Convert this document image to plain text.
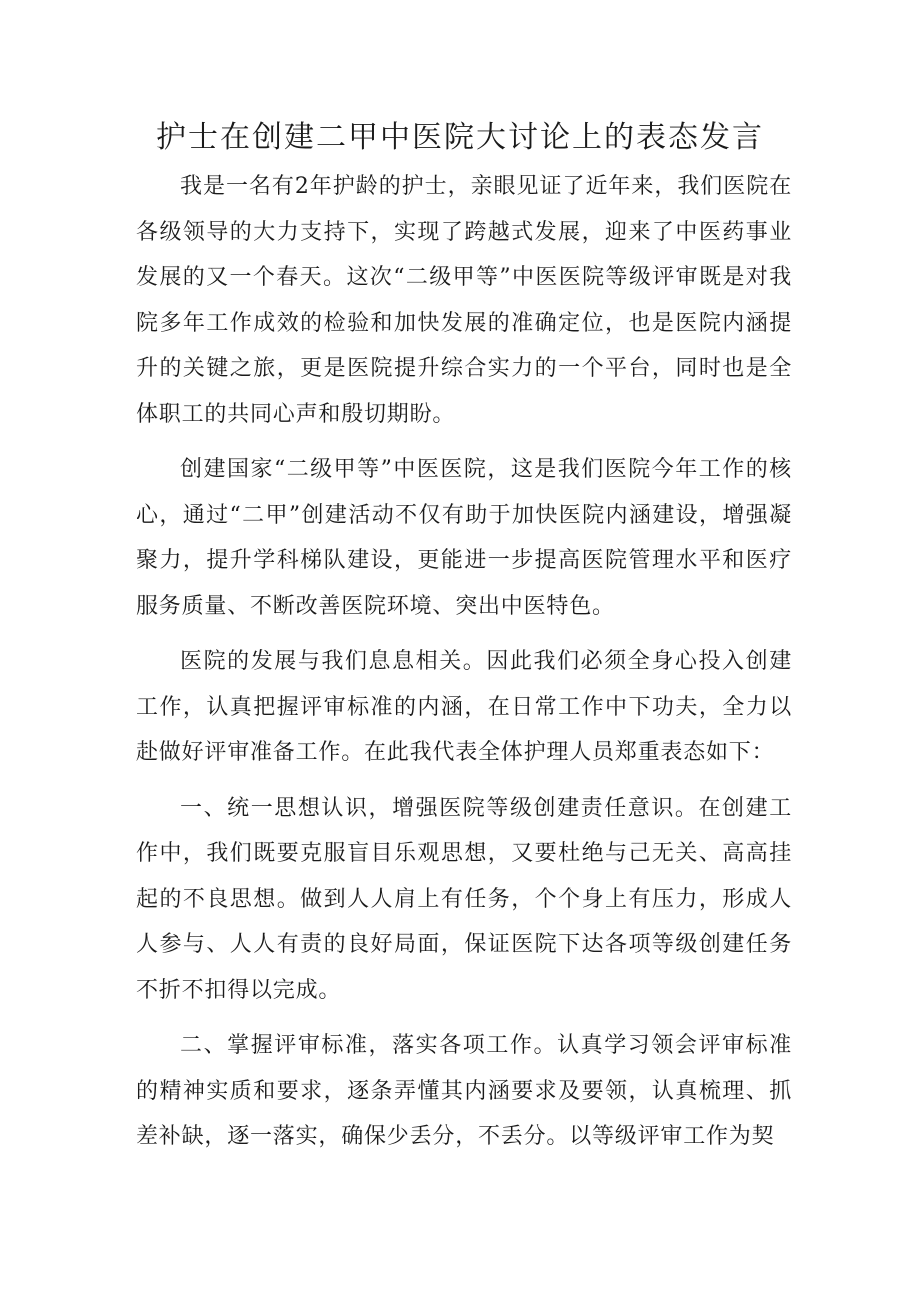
护士在创建二甲中医院大讨论上的表态发言

我是一名有2年护龄的护士，亲眼见证了近年来，我们医院在各级领导的大力支持下，实现了跨越式发展，迎来了中医药事业发展的又一个春天。这次“二级甲等”中医医院等级评审既是对我院多年工作成效的检验和加快发展的准确定位，也是医院内涵提升的关键之旅，更是医院提升综合实力的一个平台，同时也是全体职工的共同心声和殷切期盼。

创建国家“二级甲等”中医医院，这是我们医院今年工作的核心，通过“二甲”创建活动不仅有助于加快医院内涵建设，增强凝聚力，提升学科梯队建设，更能进一步提高医院管理水平和医疗服务质量、不断改善医院环境、突出中医特色。

医院的发展与我们息息相关。因此我们必须全身心投入创建工作，认真把握评审标准的内涵，在日常工作中下功夫，全力以赴做好评审准备工作。在此我代表全体护理人员郑重表态如下：

一、统一思想认识，增强医院等级创建责任意识。在创建工作中，我们既要克服盲目乐观思想，又要杜绝与己无关、高高挂起的不良思想。做到人人肩上有任务，个个身上有压力，形成人人参与、人人有责的良好局面，保证医院下达各项等级创建任务不折不扣得以完成。

二、掌握评审标准，落实各项工作。认真学习领会评审标准的精神实质和要求，逐条弄懂其内涵要求及要领，认真梳理、抓差补缺，逐一落实，确保少丢分，不丢分。以等级评审工作为契
